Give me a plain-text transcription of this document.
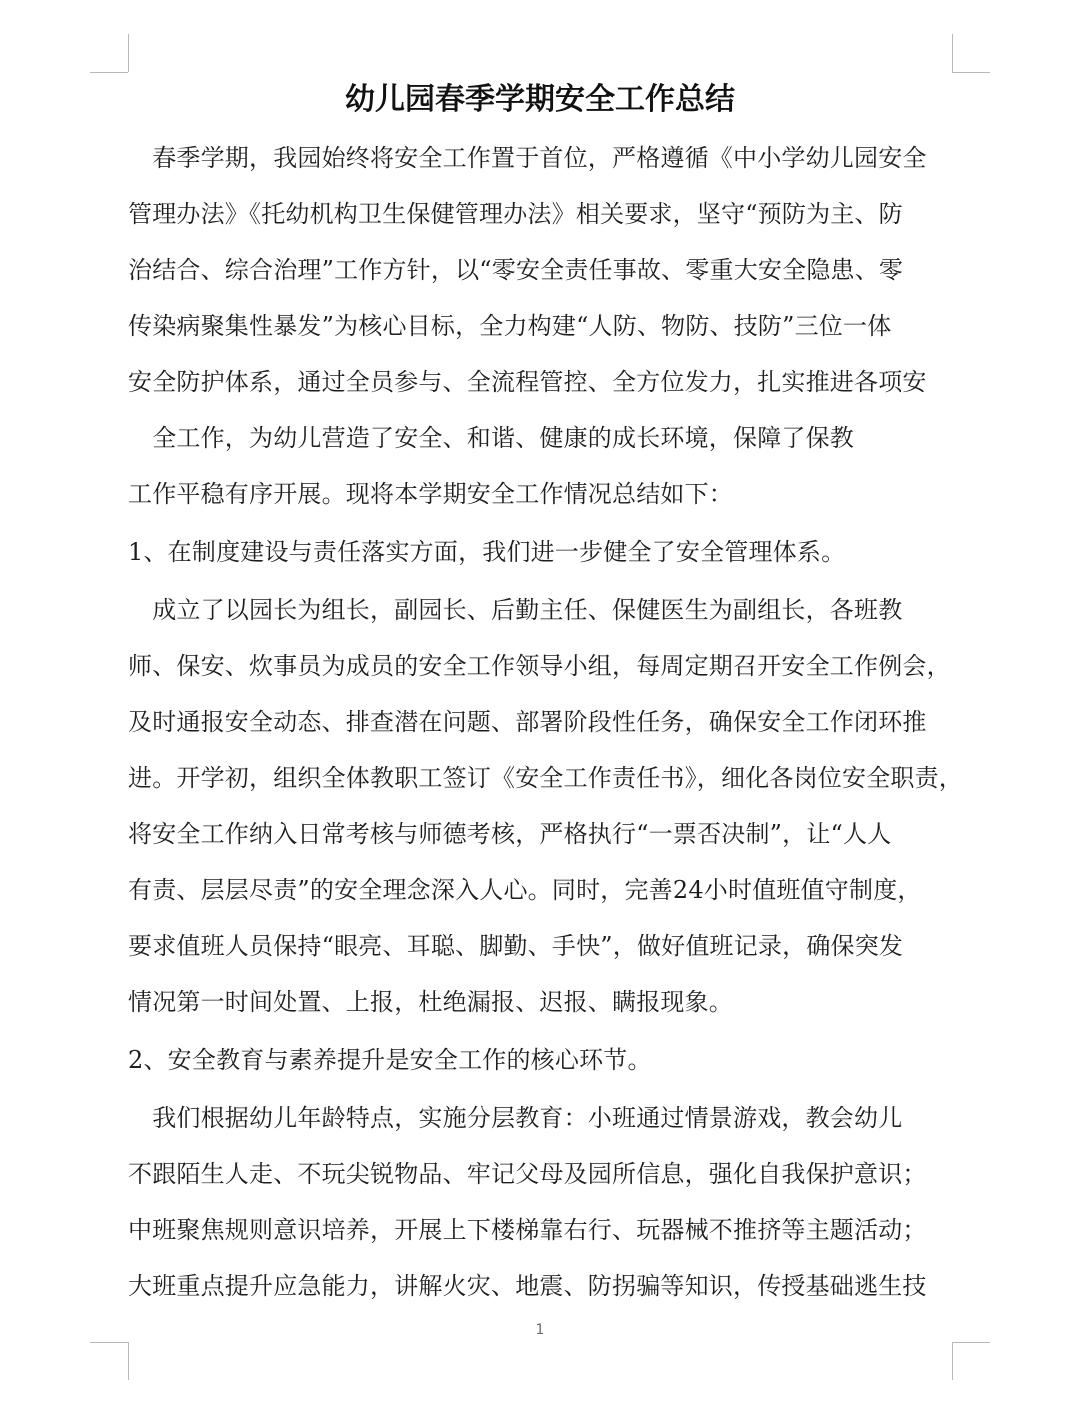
幼儿园春季学期安全工作总结

　春季学期，我园始终将安全工作置于首位，严格遵循《中小学幼儿园安全

管理办法》《托幼机构卫生保健管理办法》相关要求，坚守“预防为主、防

治结合、综合治理”工作方针，以“零安全责任事故、零重大安全隐患、零

传染病聚集性暴发”为核心目标，全力构建“人防、物防、技防”三位一体

安全防护体系，通过全员参与、全流程管控、全方位发力，扎实推进各项安

　全工作，为幼儿营造了安全、和谐、健康的成长环境，保障了保教

工作平稳有序开展。现将本学期安全工作情况总结如下：

1、在制度建设与责任落实方面，我们进一步健全了安全管理体系。

　成立了以园长为组长，副园长、后勤主任、保健医生为副组长，各班教

师、保安、炊事员为成员的安全工作领导小组，每周定期召开安全工作例会，

及时通报安全动态、排查潜在问题、部署阶段性任务，确保安全工作闭环推

进。开学初，组织全体教职工签订《安全工作责任书》，细化各岗位安全职责，

将安全工作纳入日常考核与师德考核，严格执行“一票否决制”，让“人人

有责、层层尽责”的安全理念深入人心。同时，完善24小时值班值守制度，

要求值班人员保持“眼亮、耳聪、脚勤、手快”，做好值班记录，确保突发

情况第一时间处置、上报，杜绝漏报、迟报、瞒报现象。

2、安全教育与素养提升是安全工作的核心环节。

　我们根据幼儿年龄特点，实施分层教育：小班通过情景游戏，教会幼儿

不跟陌生人走、不玩尖锐物品、牢记父母及园所信息，强化自我保护意识；

中班聚焦规则意识培养，开展上下楼梯靠右行、玩器械不推挤等主题活动；

大班重点提升应急能力，讲解火灾、地震、防拐骗等知识，传授基础逃生技

1
